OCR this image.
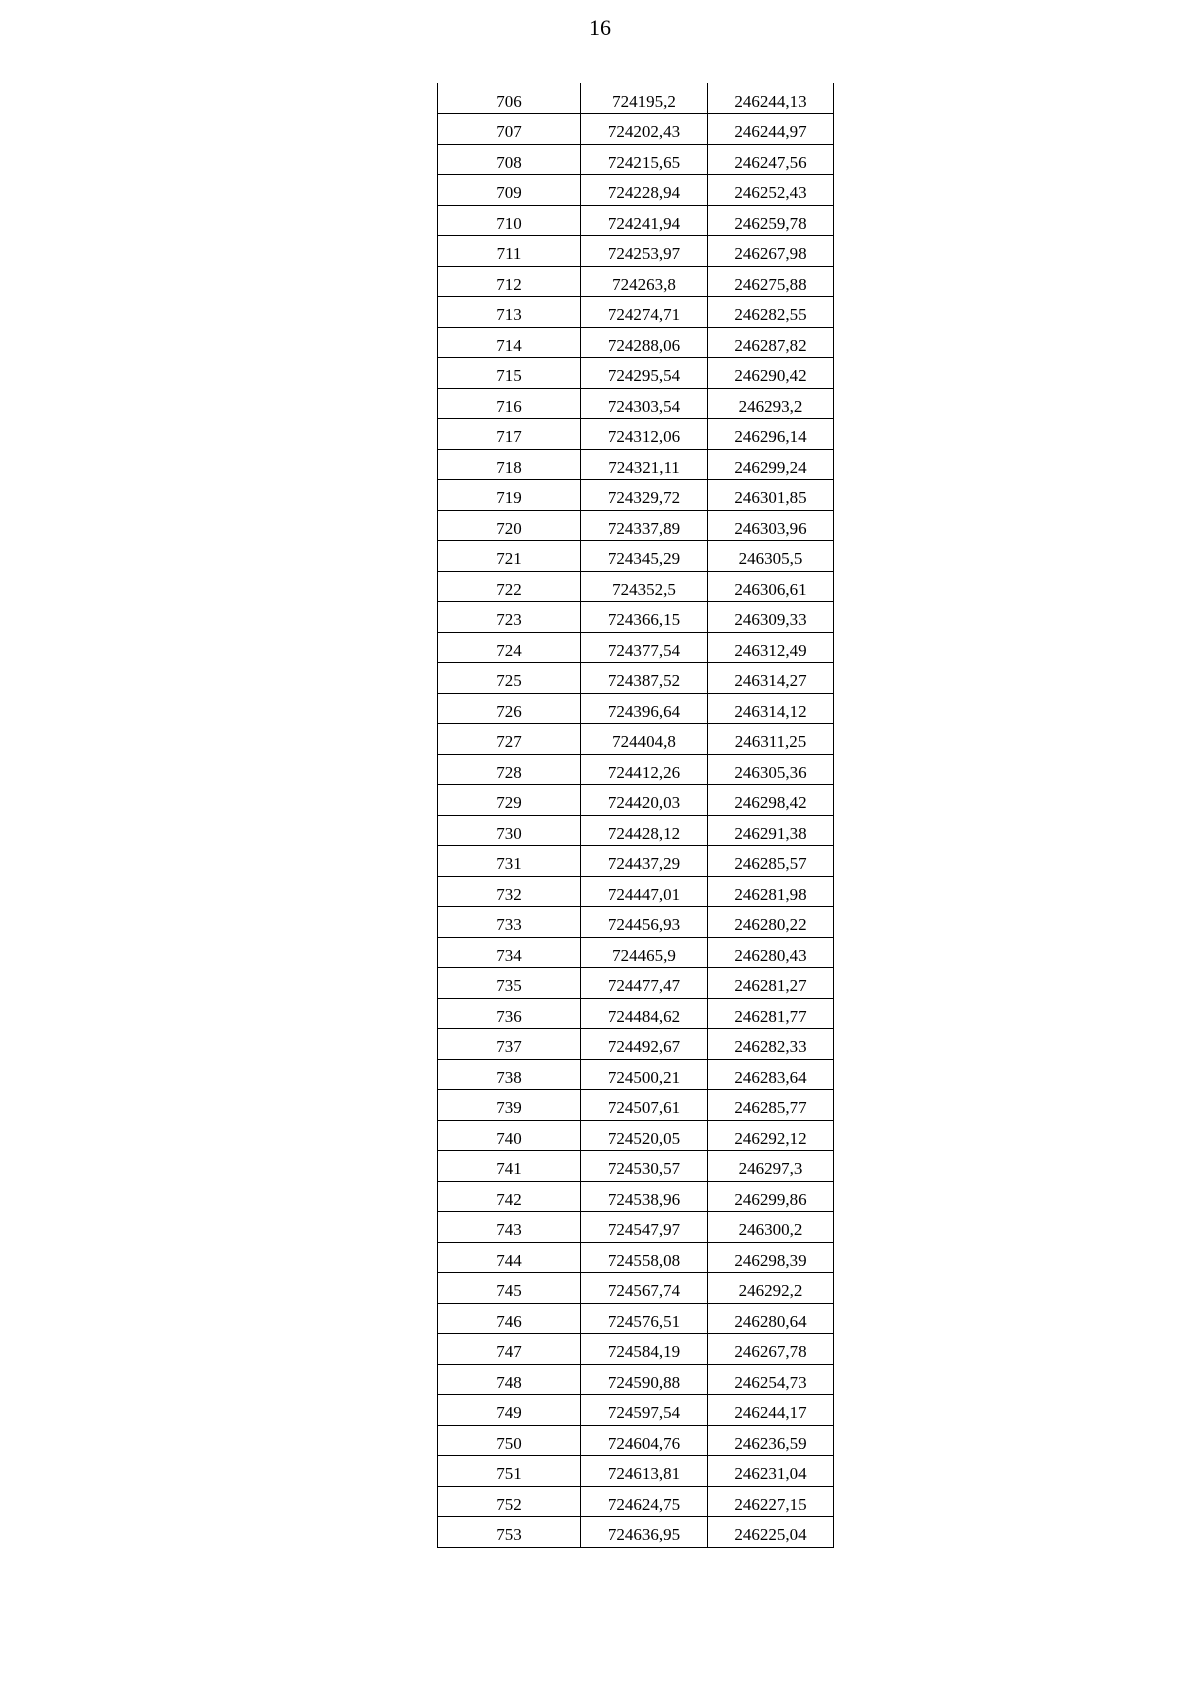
16
706	724195,2	246244,13
707	724202,43	246244,97
708	724215,65	246247,56
709	724228,94	246252,43
710	724241,94	246259,78
711	724253,97	246267,98
712	724263,8	246275,88
713	724274,71	246282,55
714	724288,06	246287,82
715	724295,54	246290,42
716	724303,54	246293,2
717	724312,06	246296,14
718	724321,11	246299,24
719	724329,72	246301,85
720	724337,89	246303,96
721	724345,29	246305,5
722	724352,5	246306,61
723	724366,15	246309,33
724	724377,54	246312,49
725	724387,52	246314,27
726	724396,64	246314,12
727	724404,8	246311,25
728	724412,26	246305,36
729	724420,03	246298,42
730	724428,12	246291,38
731	724437,29	246285,57
732	724447,01	246281,98
733	724456,93	246280,22
734	724465,9	246280,43
735	724477,47	246281,27
736	724484,62	246281,77
737	724492,67	246282,33
738	724500,21	246283,64
739	724507,61	246285,77
740	724520,05	246292,12
741	724530,57	246297,3
742	724538,96	246299,86
743	724547,97	246300,2
744	724558,08	246298,39
745	724567,74	246292,2
746	724576,51	246280,64
747	724584,19	246267,78
748	724590,88	246254,73
749	724597,54	246244,17
750	724604,76	246236,59
751	724613,81	246231,04
752	724624,75	246227,15
753	724636,95	246225,04
